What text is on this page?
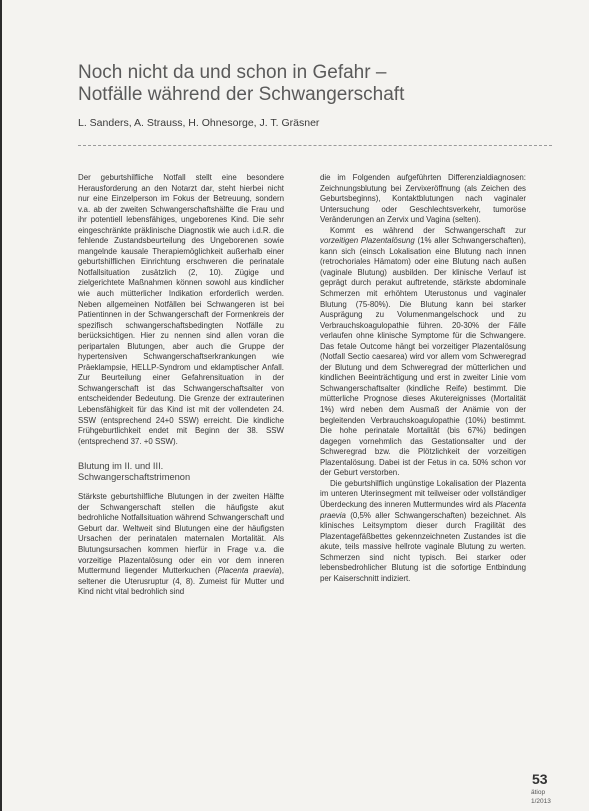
Noch nicht da und schon in Gefahr –
Notfälle während der Schwangerschaft
L. Sanders, A. Strauss, H. Ohnesorge, J. T. Gräsner

Der geburtshilfliche Notfall stellt eine besondere Herausforderung an den Notarzt dar, steht hierbei nicht nur eine Einzelperson im Fokus der Betreuung, sondern v.a. ab der zweiten Schwangerschaftshälfte die Frau und ihr potentiell lebensfähiges, ungeborenes Kind. Die sehr eingeschränkte präklinische Diagnostik wie auch i.d.R. die fehlende Zustandsbeurteilung des Ungeborenen sowie mangelnde kausale Therapiemöglichkeit außerhalb einer geburtshilflichen Einrichtung erschweren die perinatale Notfallsituation zusätzlich (2, 10). Zügige und zielgerichtete Maßnahmen können sowohl aus kindlicher wie auch mütterlicher Indikation erforderlich werden. Neben allgemeinen Notfällen bei Schwangeren ist bei Patientinnen in der Schwangerschaft der Formenkreis der spezifisch schwangerschaftsbedingten Notfälle zu berücksichtigen. Hier zu nennen sind allen voran die peripartalen Blutungen, aber auch die Gruppe der hypertensiven Schwangerschaftserkrankungen wie Präeklampsie, HELLP-Syndrom und eklamptischer Anfall. Zur Beurteilung einer Gefahrensituation in der Schwangerschaft ist das Schwangerschaftsalter von entscheidender Bedeutung. Die Grenze der extrauterinen Lebensfähigkeit für das Kind ist mit der vollendeten 24. SSW (entsprechend 24+0 SSW) erreicht. Die kindliche Frühgeburtlichkeit endet mit Beginn der 38. SSW (entsprechend 37. +0 SSW).

Blutung im II. und III.
Schwangerschaftstrimenon

Stärkste geburtshilfliche Blutungen in der zweiten Hälfte der Schwangerschaft stellen die häufigste akut bedrohliche Notfallsituation während Schwangerschaft und Geburt dar. Weltweit sind Blutungen eine der häufigsten Ursachen der perinatalen maternalen Mortalität. Als Blutungsursachen kommen hierfür in Frage v.a. die vorzeitige Plazentalösung oder ein vor dem inneren Muttermund liegender Mutterkuchen (Placenta praevia), seltener die Uterusruptur (4, 8). Zumeist für Mutter und Kind nicht vital bedrohlich sind

die im Folgenden aufgeführten Differenzialdiagnosen: Zeichnungsblutung bei Zervixeröffnung (als Zeichen des Geburtsbeginns), Kontaktblutungen nach vaginaler Untersuchung oder Geschlechtsverkehr, tumoröse Veränderungen an Zervix und Vagina (selten).

Kommt es während der Schwangerschaft zur vorzeitigen Plazentalösung (1% aller Schwangerschaften), kann sich (einsch Lokalisation eine Blutung nach innen (retrochoriales Hämatom) oder eine Blutung nach außen (vaginale Blutung) ausbilden. Der klinische Verlauf ist geprägt durch perakut auftretende, stärkste abdominale Schmerzen mit erhöhtem Uterustonus und vaginaler Blutung (75-80%). Die Blutung kann bei starker Ausprägung zu Volumenmangelschock und zu Verbrauchskoagulopathie führen. 20-30% der Fälle verlaufen ohne klinische Symptome für die Schwangere. Das fetale Outcome hängt bei vorzeitiger Plazentalösung (Notfall Sectio caesarea) wird vor allem vom Schweregrad der Blutung und dem Schweregrad der mütterlichen und kindlichen Beeinträchtigung und erst in zweiter Linie vom Schwangerschaftsalter (kindliche Reife) bestimmt. Die mütterliche Prognose dieses Akutereignisses (Mortalität 1%) wird neben dem Ausmaß der Anämie von der begleitenden Verbrauchskoagulopathie (10%) bestimmt. Die hohe perinatale Mortalität (bis 67%) bedingen dagegen vornehmlich das Gestationsalter und der Schweregrad bzw. die Plötzlichkeit der vorzeitigen Plazentalösung. Dabei ist der Fetus in ca. 50% schon vor der Geburt verstorben.

Die geburtshilflich ungünstige Lokalisation der Plazenta im unteren Uterinsegment mit teilweiser oder vollständiger Überdeckung des inneren Muttermundes wird als Placenta praevia (0,5% aller Schwangerschaften) bezeichnet. Als klinisches Leitsymptom dieser durch Fragilität des Plazentagefäßbettes gekennzeichneten Zustandes ist die akute, teils massive hellrote vaginale Blutung zu werten. Schmerzen sind nicht typisch. Bei starker oder lebensbedrohlicher Blutung ist die sofortige Entbindung per Kaiserschnitt indiziert.

53
ätiop
1/2013
